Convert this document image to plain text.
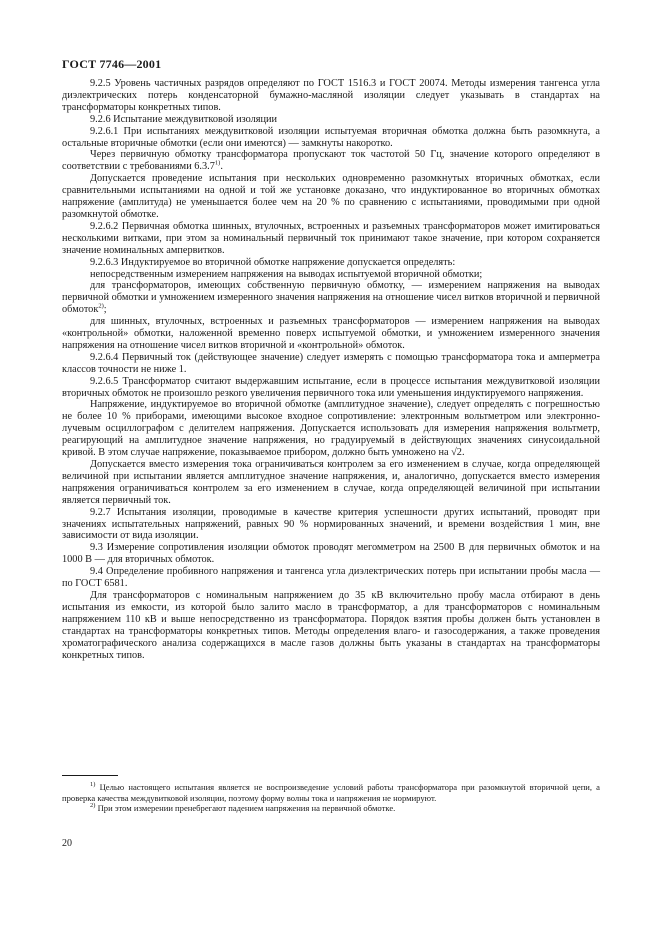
ГОСТ 7746—2001

9.2.5 Уровень частичных разрядов определяют по ГОСТ 1516.3 и ГОСТ 20074. Методы измерения тангенса угла диэлектрических потерь конденсаторной бумажно-масляной изоляции следует указывать в стандартах на трансформаторы конкретных типов.

9.2.6 Испытание междувитковой изоляции

9.2.6.1 При испытаниях междувитковой изоляции испытуемая вторичная обмотка должна быть разомкнута, а остальные вторичные обмотки (если они имеются) — замкнуты накоротко.

Через первичную обмотку трансформатора пропускают ток частотой 50 Гц, значение которого определяют в соответствии с требованиями 6.3.7$^{1)}$.

Допускается проведение испытания при нескольких одновременно разомкнутых вторичных обмотках, если сравнительными испытаниями на одной и той же установке доказано, что индуктированное во вторичных обмотках напряжение (амплитуда) не уменьшается более чем на 20 % по сравнению с испытаниями, проводимыми при одной разомкнутой обмотке.

9.2.6.2 Первичная обмотка шинных, втулочных, встроенных и разъемных трансформаторов может имитироваться несколькими витками, при этом за номинальный первичный ток принимают такое значение, при котором сохраняется значение номинальных ампервитков.

9.2.6.3 Индуктируемое во вторичной обмотке напряжение допускается определять:

непосредственным измерением напряжения на выводах испытуемой вторичной обмотки;

для трансформаторов, имеющих собственную первичную обмотку, — измерением напряжения на выводах первичной обмотки и умножением измеренного значения напряжения на отношение чисел витков вторичной и первичной обмоток$^{2)}$;

для шинных, втулочных, встроенных и разъемных трансформаторов — измерением напряжения на выводах «контрольной» обмотки, наложенной временно поверх испытуемой обмотки, и умножением измеренного значения напряжения на отношение чисел витков вторичной и «контрольной» обмоток.

9.2.6.4 Первичный ток (действующее значение) следует измерять с помощью трансформатора тока и амперметра классов точности не ниже 1.

9.2.6.5 Трансформатор считают выдержавшим испытание, если в процессе испытания междувитковой изоляции вторичных обмоток не произошло резкого увеличения первичного тока или уменьшения индуктируемого напряжения.

Напряжение, индуктируемое во вторичной обмотке (амплитудное значение), следует определять с погрешностью не более 10 % приборами, имеющими высокое входное сопротивление: электронным вольтметром или электронно-лучевым осциллографом с делителем напряжения. Допускается использовать для измерения напряжения вольтметр, реагирующий на амплитудное значение напряжения, но градуируемый в действующих значениях синусоидальной кривой. В этом случае напряжение, показываемое прибором, должно быть умножено на √2.

Допускается вместо измерения тока ограничиваться контролем за его изменением в случае, когда определяющей величиной при испытании является амплитудное значение напряжения, и, аналогично, допускается вместо измерения напряжения ограничиваться контролем за его изменением в случае, когда определяющей величиной при испытании является первичный ток.

9.2.7 Испытания изоляции, проводимые в качестве критерия успешности других испытаний, проводят при значениях испытательных напряжений, равных 90 % нормированных значений, и времени воздействия 1 мин, вне зависимости от вида изоляции.

9.3 Измерение сопротивления изоляции обмоток проводят мегомметром на 2500 В для первичных обмоток и на 1000 В — для вторичных обмоток.

9.4 Определение пробивного напряжения и тангенса угла диэлектрических потерь при испытании пробы масла — по ГОСТ 6581.

Для трансформаторов с номинальным напряжением до 35 кВ включительно пробу масла отбирают в день испытания из емкости, из которой было залито масло в трансформатор, а для трансформаторов с номинальным напряжением 110 кВ и выше непосредственно из трансформатора. Порядок взятия пробы должен быть установлен в стандартах на трансформаторы конкретных типов. Методы определения влаго- и газосодержания, а также проведения хроматографического анализа содержащихся в масле газов должны быть указаны в стандартах на трансформаторы конкретных типов.

$^{1)}$ Целью настоящего испытания является не воспроизведение условий работы трансформатора при разомкнутой вторичной цепи, а проверка качества междувитковой изоляции, поэтому форму волны тока и напряжения не нормируют.

$^{2)}$ При этом измерении пренебрегают падением напряжения на первичной обмотке.

20
